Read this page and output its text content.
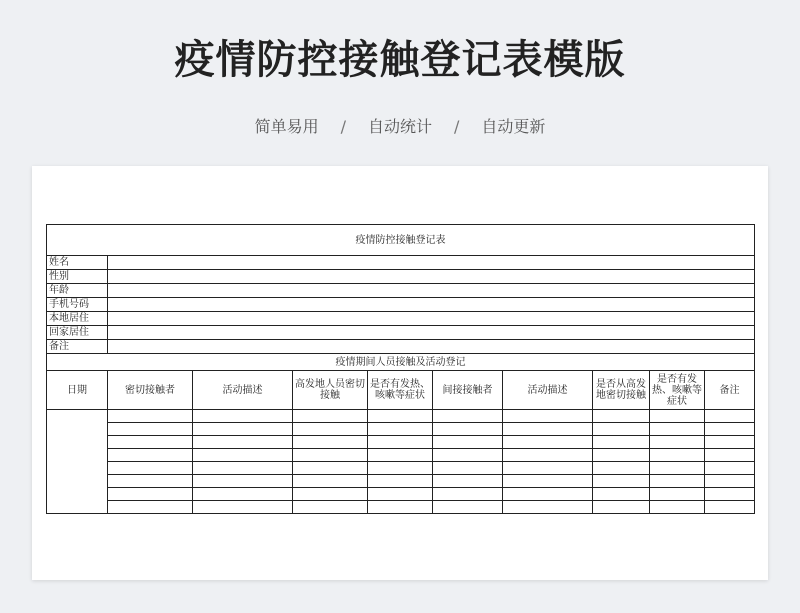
疫情防控接触登记表模版
简单易用 / 自动统计 / 自动更新
疫情防控接触登记表									
姓名									
性别									
年龄									
手机号码									
本地居住									
回家居住									
备注									
疫情期间人员接触及活动登记									
日期	密切接触者	活动描述	高发地人员密切接触	是否有发热、咳嗽等症状	间接接触者	活动描述	是否从高发地密切接触	是否有发热、咳嗽等症状	备注
